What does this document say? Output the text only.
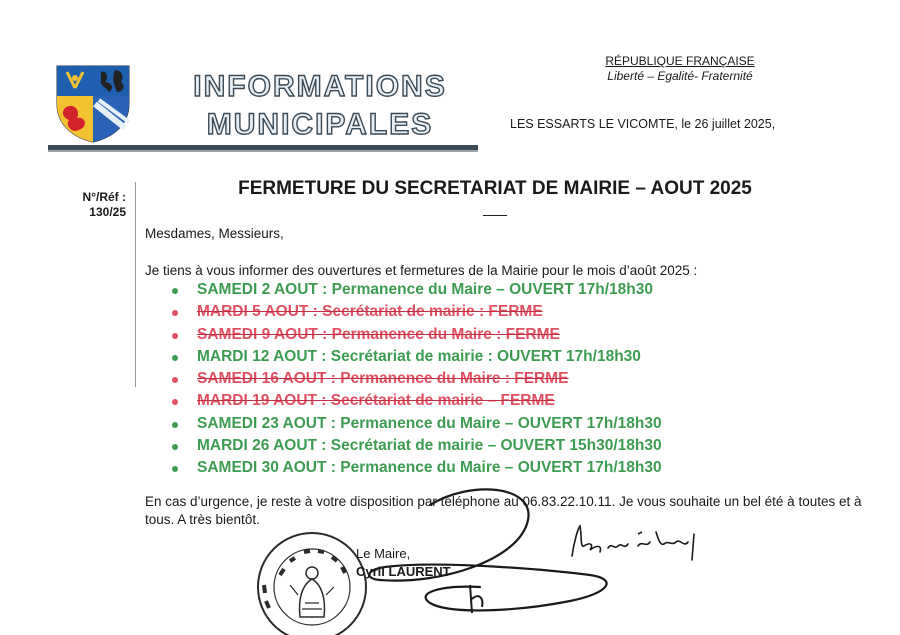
INFORMATIONS
MUNICIPALES
RÉPUBLIQUE FRANÇAISE
Liberté – Egalité- Fraternité
LES ESSARTS LE VICOMTE, le 26 juillet 2025,
N°/Réf :
130/25
FERMETURE DU SECRETARIAT DE MAIRIE – AOUT 2025
Mesdames, Messieurs,
Je tiens à vous informer des ouvertures et fermetures de la Mairie pour le mois d’août 2025 :
SAMEDI 2 AOUT : Permanence du Maire – OUVERT 17h/18h30
MARDI 5 AOUT : Secrétariat de mairie : FERME
SAMEDI 9 AOUT : Permanence du Maire : FERME
MARDI 12 AOUT : Secrétariat de mairie : OUVERT 17h/18h30
SAMEDI 16 AOUT : Permanence du Maire : FERME
MARDI 19 AOUT : Secrétariat de mairie – FERME
SAMEDI 23 AOUT : Permanence du Maire – OUVERT 17h/18h30
MARDI 26 AOUT : Secrétariat de mairie – OUVERT 15h30/18h30
SAMEDI 30 AOUT : Permanence du Maire – OUVERT 17h/18h30
En cas d’urgence, je reste à votre disposition par téléphone au 06.83.22.10.11. Je vous souhaite un bel été à toutes et à tous. A très bientôt.
Le Maire,
Cyril LAURENT
